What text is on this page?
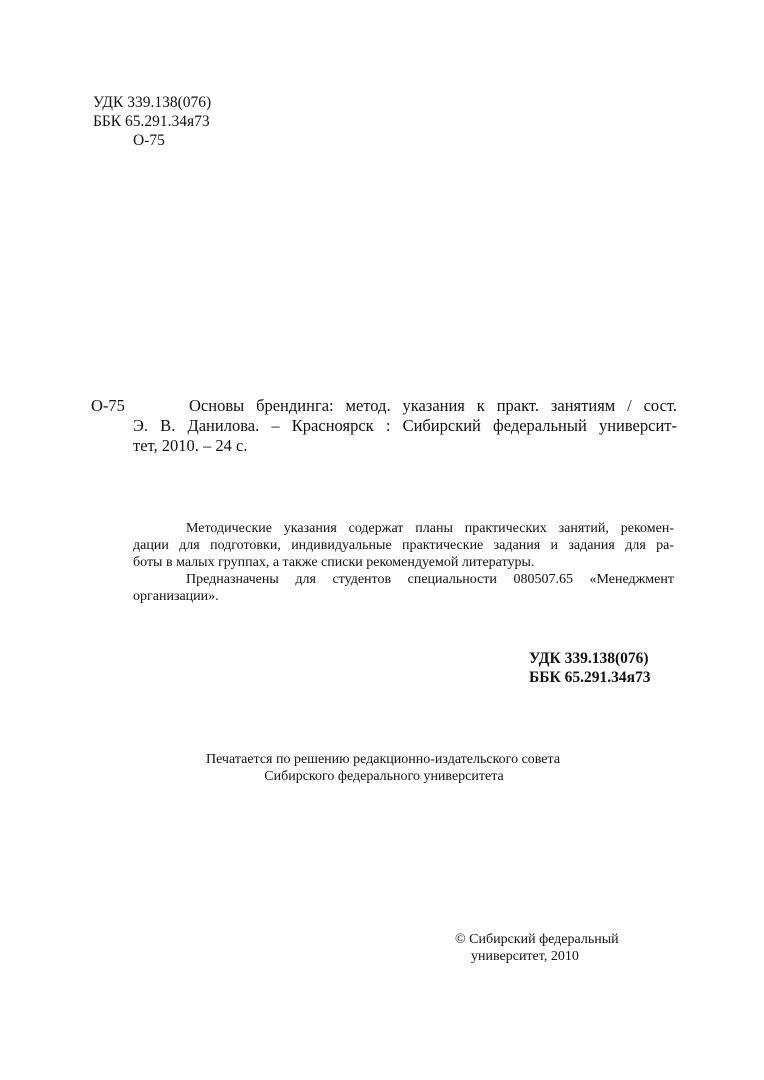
УДК 339.138(076)
ББК 65.291.34я73
О-75
О-75	Основы брендинга: метод. указания к практ. занятиям / сост.
Э. В. Данилова. – Красноярск : Сибирский федеральный университ-
тет, 2010. – 24 с.
Методические указания содержат планы практических занятий, рекомен-
дации для подготовки, индивидуальные практические задания и задания для ра-
боты в малых группах, а также списки рекомендуемой литературы.
Предназначены для студентов специальности 080507.65 «Менеджмент
организации».
УДК 339.138(076)
ББК 65.291.34я73
Печатается по решению редакционно-издательского совета
Сибирского федерального университета
© Сибирский федеральный
университет, 2010
